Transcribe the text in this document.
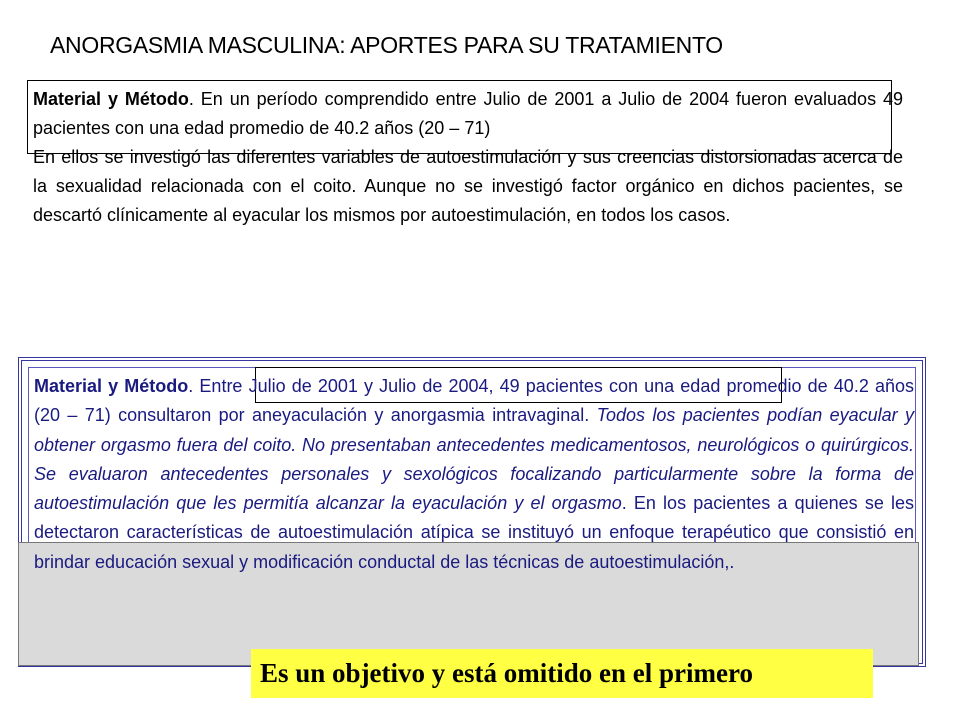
ANORGASMIA MASCULINA: APORTES PARA SU TRATAMIENTO

Material y Método. En un período comprendido entre Julio de 2001 a Julio de 2004 fueron evaluados 49 pacientes con una edad promedio de 40.2 años (20 – 71)

En ellos se investigó las diferentes variables de autoestimulación y sus creencias distorsionadas acerca de la sexualidad relacionada con el coito. Aunque no se investigó factor orgánico en dichos pacientes, se descartó clínicamente al eyacular los mismos por autoestimulación, en todos los casos.

Material y Método. Entre Julio de 2001 y Julio de 2004, 49 pacientes con una edad promedio de 40.2 años (20 – 71) consultaron por aneyaculación y anorgasmia intravaginal. Todos los pacientes podían eyacular y obtener orgasmo fuera del coito. No presentaban antecedentes medicamentosos, neurológicos o quirúrgicos. Se evaluaron antecedentes personales y sexológicos focalizando particularmente sobre la forma de autoestimulación que les permitía alcanzar la eyaculación y el orgasmo. En los pacientes a quienes se les detectaron características de autoestimulación atípica se instituyó un enfoque terapéutico que consistió en brindar educación sexual y modificación conductal de las técnicas de autoestimulación,.

Es un objetivo y está omitido en el primero
